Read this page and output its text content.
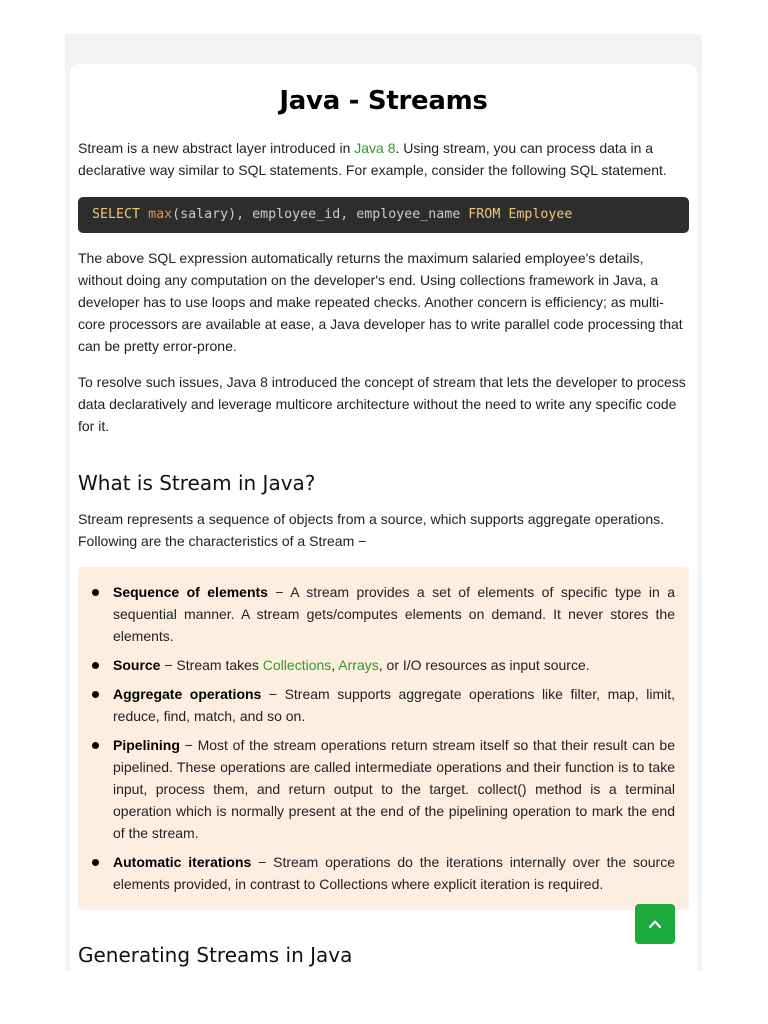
Java - Streams

Stream is a new abstract layer introduced in Java 8. Using stream, you can process data in a declarative way similar to SQL statements. For example, consider the following SQL statement.

SELECT max(salary), employee_id, employee_name FROM Employee

The above SQL expression automatically returns the maximum salaried employee's details, without doing any computation on the developer's end. Using collections framework in Java, a developer has to use loops and make repeated checks. Another concern is efficiency; as multi-core processors are available at ease, a Java developer has to write parallel code processing that can be pretty error-prone.

To resolve such issues, Java 8 introduced the concept of stream that lets the developer to process data declaratively and leverage multicore architecture without the need to write any specific code for it.

What is Stream in Java?

Stream represents a sequence of objects from a source, which supports aggregate operations. Following are the characteristics of a Stream −

Sequence of elements − A stream provides a set of elements of specific type in a sequential manner. A stream gets/computes elements on demand. It never stores the elements.
Source − Stream takes Collections, Arrays, or I/O resources as input source.
Aggregate operations − Stream supports aggregate operations like filter, map, limit, reduce, find, match, and so on.
Pipelining − Most of the stream operations return stream itself so that their result can be pipelined. These operations are called intermediate operations and their function is to take input, process them, and return output to the target. collect() method is a terminal operation which is normally present at the end of the pipelining operation to mark the end of the stream.
Automatic iterations − Stream operations do the iterations internally over the source elements provided, in contrast to Collections where explicit iteration is required.
Generating Streams in Java
